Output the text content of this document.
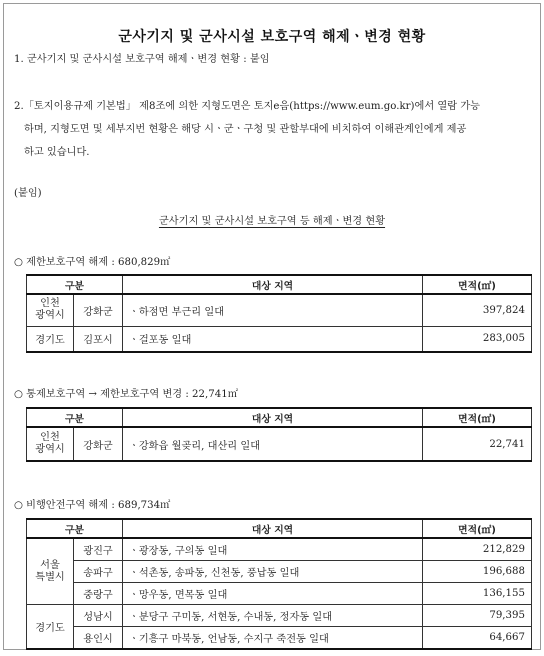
군사기지 및 군사시설 보호구역 해제ㆍ변경 현황
1. 군사기지 및 군사시설 보호구역 해제ㆍ변경 현황 : 붙임
2.「토지이용규제 기본법」 제8조에 의한 지형도면은 토지e음(https://www.eum.go.kr)에서 열람 가능
하며, 지형도면 및 세부지번 현황은 해당 시ㆍ군ㆍ구청 및 관할부대에 비치하여 이해관계인에게 제공
하고 있습니다.
(붙임)
군사기지 및 군사시설 보호구역 등 해제ㆍ변경 현황
○ 제한보호구역 해제 : 680,829㎡
구분		대상 지역	면적(㎡)
인천
광역시	강화군	ㆍ하점면 부근리 일대	397,824
경기도	김포시	ㆍ걸포동 일대	283,005
○ 통제보호구역 → 제한보호구역 변경 : 22,741㎡
구분		대상 지역	면적(㎡)
인천
광역시	강화군	ㆍ강화읍 월곶리, 대산리 일대	22,741
○ 비행안전구역 해제 : 689,734㎡
구분		대상 지역	면적(㎡)
서울
특별시	광진구	ㆍ광장동, 구의동 일대	212,829
	송파구	ㆍ석촌동, 송파동, 신천동, 풍납동 일대	196,688
	중랑구	ㆍ망우동, 면목동 일대	136,155
경기도	성남시	ㆍ분당구 구미동, 서현동, 수내동, 정자동 일대	79,395
	용인시	ㆍ기흥구 마북동, 언남동, 수지구 죽전동 일대	64,667
